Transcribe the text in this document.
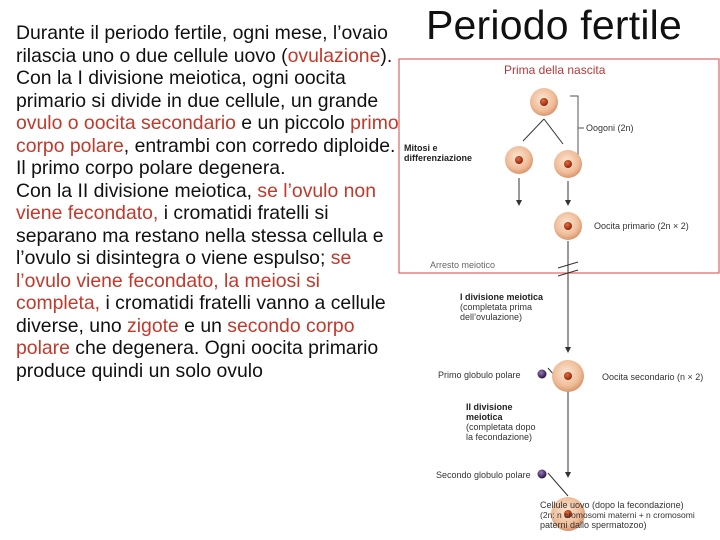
Durante il periodo fertile, ogni mese, l’ovaio rilascia uno o due cellule uovo (ovulazione).

Con la I divisione meiotica, ogni oocita primario si divide in due cellule, un grande ovulo o oocita secondario e un piccolo primo corpo polare, entrambi con corredo diploide. Il primo corpo polare degenera.

Con la II divisione meiotica, se l’ovulo non viene fecondato, i cromatidi fratelli si separano ma restano nella stessa cellula e l’ovulo si disintegra o viene espulso; se l’ovulo viene fecondato, la meiosi si completa, i cromatidi fratelli vanno a cellule diverse, uno zigote e un secondo corpo polare che degenera. Ogni oocita primario produce quindi un solo ovulo

Periodo fertile
Prima della nascita
Mitosi e
differenziazione
Oogoni (2n)
Oocita primario (2n × 2)
Arresto meiotico
I divisione meiotica
(completata prima
dell’ovulazione)
Primo globulo polare	Oocita secondario (n × 2)
II divisione
meiotica
(completata dopo
la fecondazione)
Secondo globulo polare
Cellule uovo (dopo la fecondazione)
(2n: n cromosomi materni + n cromosomi
paterni dallo spermatozoo)
